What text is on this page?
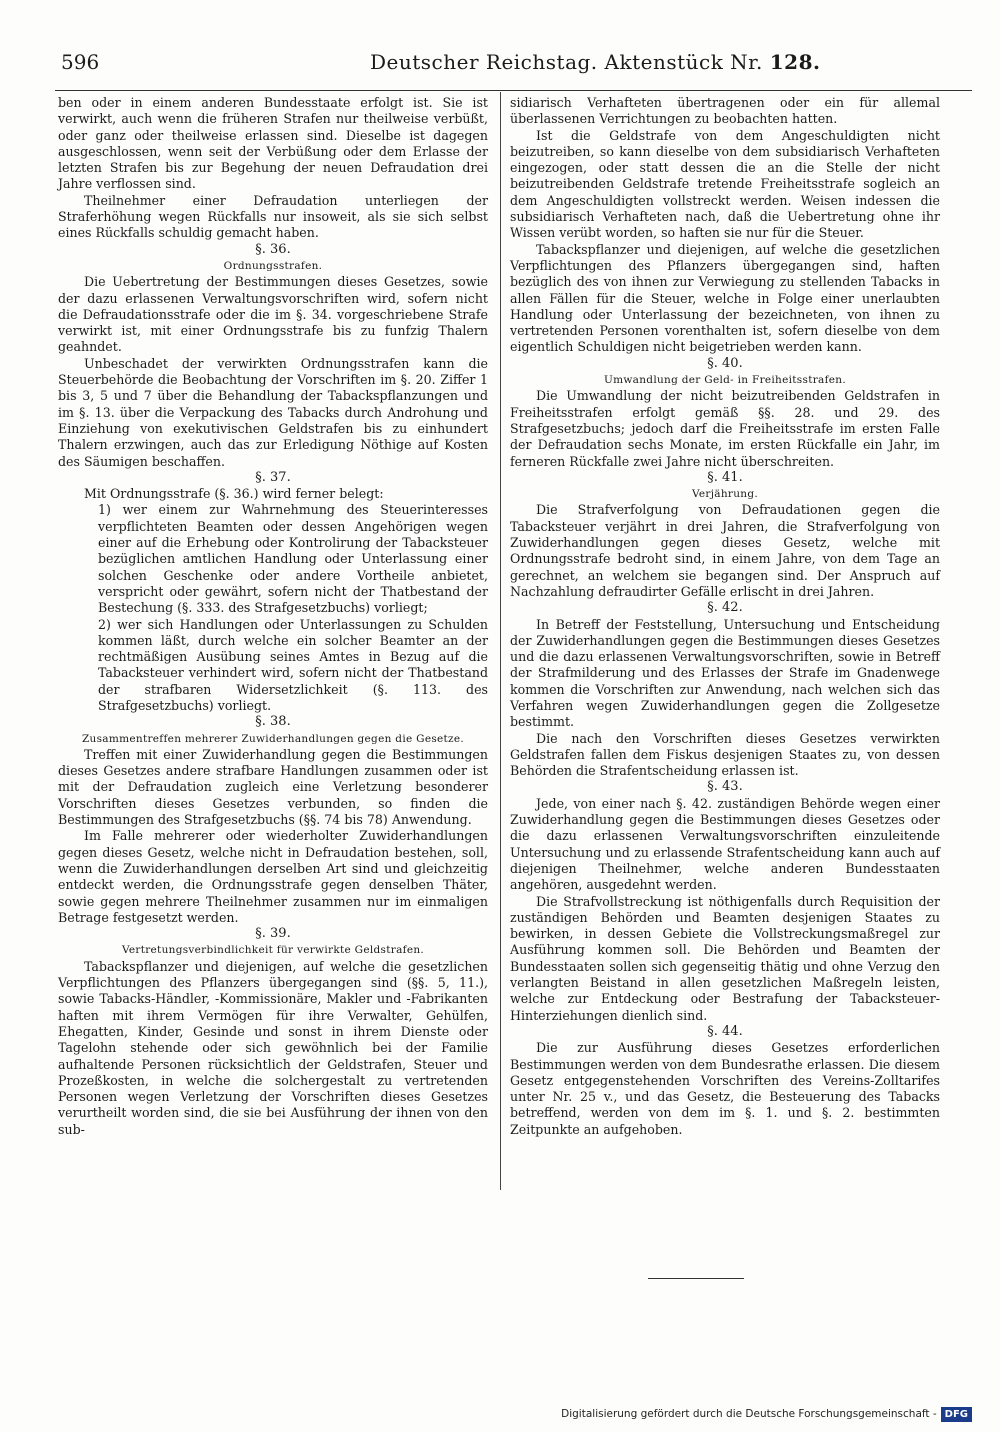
596	Deutscher Reichstag. Aktenstück Nr. 128.

ben oder in einem anderen Bundesstaate erfolgt ist. Sie ist verwirkt, auch wenn die früheren Strafen nur theilweise verbüßt, oder ganz oder theilweise erlassen sind. Dieselbe ist dagegen ausgeschlossen, wenn seit der Verbüßung oder dem Erlasse der letzten Strafen bis zur Begehung der neuen Defraudation drei Jahre verflossen sind.

Theilnehmer einer Defraudation unterliegen der Straferhöhung wegen Rückfalls nur insoweit, als sie sich selbst eines Rückfalls schuldig gemacht haben.

§. 36.

Ordnungsstrafen.

Die Uebertretung der Bestimmungen dieses Gesetzes, sowie der dazu erlassenen Verwaltungsvorschriften wird, sofern nicht die Defraudationsstrafe oder die im §. 34. vorgeschriebene Strafe verwirkt ist, mit einer Ordnungsstrafe bis zu funfzig Thalern geahndet.

Unbeschadet der verwirkten Ordnungsstrafen kann die Steuerbehörde die Beobachtung der Vorschriften im §. 20. Ziffer 1 bis 3, 5 und 7 über die Behandlung der Tabackspflanzungen und im §. 13. über die Verpackung des Tabacks durch Androhung und Einziehung von exekutivischen Geldstrafen bis zu einhundert Thalern erzwingen, auch das zur Erledigung Nöthige auf Kosten des Säumigen beschaffen.

§. 37.

Mit Ordnungsstrafe (§. 36.) wird ferner belegt:

1) wer einem zur Wahrnehmung des Steuerinteresses verpflichteten Beamten oder dessen Angehörigen wegen einer auf die Erhebung oder Kontrolirung der Tabacksteuer bezüglichen amtlichen Handlung oder Unterlassung einer solchen Geschenke oder andere Vortheile anbietet, verspricht oder gewährt, sofern nicht der Thatbestand der Bestechung (§. 333. des Strafgesetzbuchs) vorliegt;

2) wer sich Handlungen oder Unterlassungen zu Schulden kommen läßt, durch welche ein solcher Beamter an der rechtmäßigen Ausübung seines Amtes in Bezug auf die Tabacksteuer verhindert wird, sofern nicht der Thatbestand der strafbaren Widersetzlichkeit (§. 113. des Strafgesetzbuchs) vorliegt.

§. 38.

Zusammentreffen mehrerer Zuwiderhandlungen gegen die Gesetze.

Treffen mit einer Zuwiderhandlung gegen die Bestimmungen dieses Gesetzes andere strafbare Handlungen zusammen oder ist mit der Defraudation zugleich eine Verletzung besonderer Vorschriften dieses Gesetzes verbunden, so finden die Bestimmungen des Strafgesetzbuchs (§§. 74 bis 78) Anwendung.

Im Falle mehrerer oder wiederholter Zuwiderhandlungen gegen dieses Gesetz, welche nicht in Defraudation bestehen, soll, wenn die Zuwiderhandlungen derselben Art sind und gleichzeitig entdeckt werden, die Ordnungsstrafe gegen denselben Thäter, sowie gegen mehrere Theilnehmer zusammen nur im einmaligen Betrage festgesetzt werden.

§. 39.

Vertretungsverbindlichkeit für verwirkte Geldstrafen.

Tabackspflanzer und diejenigen, auf welche die gesetzlichen Verpflichtungen des Pflanzers übergegangen sind (§§. 5, 11.), sowie Tabacks-Händler, -Kommissionäre, Makler und -Fabrikanten haften mit ihrem Vermögen für ihre Verwalter, Gehülfen, Ehegatten, Kinder, Gesinde und sonst in ihrem Dienste oder Tagelohn stehende oder sich gewöhnlich bei der Familie aufhaltende Personen rücksichtlich der Geldstrafen, Steuer und Prozeßkosten, in welche die solchergestalt zu vertretenden Personen wegen Verletzung der Vorschriften dieses Gesetzes verurtheilt worden sind, die sie bei Ausführung der ihnen von den sub-

sidiarisch Verhafteten übertragenen oder ein für allemal überlassenen Verrichtungen zu beobachten hatten.

Ist die Geldstrafe von dem Angeschuldigten nicht beizutreiben, so kann dieselbe von dem subsidiarisch Verhafteten eingezogen, oder statt dessen die an die Stelle der nicht beizutreibenden Geldstrafe tretende Freiheitsstrafe sogleich an dem Angeschuldigten vollstreckt werden. Weisen indessen die subsidiarisch Verhafteten nach, daß die Uebertretung ohne ihr Wissen verübt worden, so haften sie nur für die Steuer.

Tabackspflanzer und diejenigen, auf welche die gesetzlichen Verpflichtungen des Pflanzers übergegangen sind, haften bezüglich des von ihnen zur Verwiegung zu stellenden Tabacks in allen Fällen für die Steuer, welche in Folge einer unerlaubten Handlung oder Unterlassung der bezeichneten, von ihnen zu vertretenden Personen vorenthalten ist, sofern dieselbe von dem eigentlich Schuldigen nicht beigetrieben werden kann.

§. 40.

Umwandlung der Geld- in Freiheitsstrafen.

Die Umwandlung der nicht beizutreibenden Geldstrafen in Freiheitsstrafen erfolgt gemäß §§. 28. und 29. des Strafgesetzbuchs; jedoch darf die Freiheitsstrafe im ersten Falle der Defraudation sechs Monate, im ersten Rückfalle ein Jahr, im ferneren Rückfalle zwei Jahre nicht überschreiten.

§. 41.

Verjährung.

Die Strafverfolgung von Defraudationen gegen die Tabacksteuer verjährt in drei Jahren, die Strafverfolgung von Zuwiderhandlungen gegen dieses Gesetz, welche mit Ordnungsstrafe bedroht sind, in einem Jahre, von dem Tage an gerechnet, an welchem sie begangen sind. Der Anspruch auf Nachzahlung defraudirter Gefälle erlischt in drei Jahren.

§. 42.

In Betreff der Feststellung, Untersuchung und Entscheidung der Zuwiderhandlungen gegen die Bestimmungen dieses Gesetzes und die dazu erlassenen Verwaltungsvorschriften, sowie in Betreff der Strafmilderung und des Erlasses der Strafe im Gnadenwege kommen die Vorschriften zur Anwendung, nach welchen sich das Verfahren wegen Zuwiderhandlungen gegen die Zollgesetze bestimmt.

Die nach den Vorschriften dieses Gesetzes verwirkten Geldstrafen fallen dem Fiskus desjenigen Staates zu, von dessen Behörden die Strafentscheidung erlassen ist.

§. 43.

Jede, von einer nach §. 42. zuständigen Behörde wegen einer Zuwiderhandlung gegen die Bestimmungen dieses Gesetzes oder die dazu erlassenen Verwaltungsvorschriften einzuleitende Untersuchung und zu erlassende Strafentscheidung kann auch auf diejenigen Theilnehmer, welche anderen Bundesstaaten angehören, ausgedehnt werden.

Die Strafvollstreckung ist nöthigenfalls durch Requisition der zuständigen Behörden und Beamten desjenigen Staates zu bewirken, in dessen Gebiete die Vollstreckungsmaßregel zur Ausführung kommen soll. Die Behörden und Beamten der Bundesstaaten sollen sich gegenseitig thätig und ohne Verzug den verlangten Beistand in allen gesetzlichen Maßregeln leisten, welche zur Entdeckung oder Bestrafung der Tabacksteuer-Hinterziehungen dienlich sind.

§. 44.

Die zur Ausführung dieses Gesetzes erforderlichen Bestimmungen werden von dem Bundesrathe erlassen. Die diesem Gesetz entgegenstehenden Vorschriften des Vereins-Zolltarifes unter Nr. 25 v., und das Gesetz, die Besteuerung des Tabacks betreffend, werden von dem im §. 1. und §. 2. bestimmten Zeitpunkte an aufgehoben.

Digitalisierung gefördert durch die Deutsche Forschungsgemeinschaft - DFG
